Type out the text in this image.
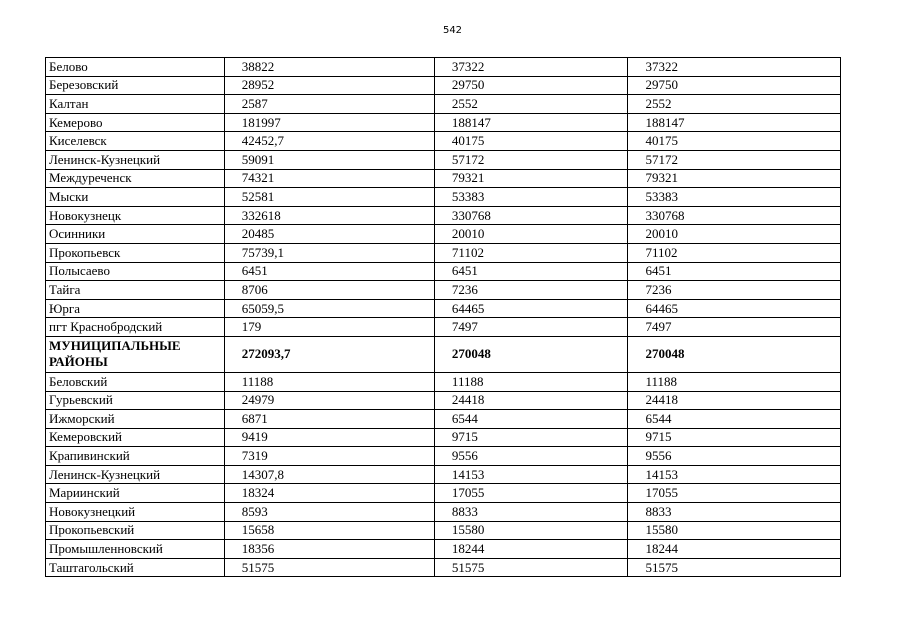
542
Белово	38822	37322	37322
Березовский	28952	29750	29750
Калтан	2587	2552	2552
Кемерово	181997	188147	188147
Киселевск	42452,7	40175	40175
Ленинск-Кузнецкий	59091	57172	57172
Междуреченск	74321	79321	79321
Мыски	52581	53383	53383
Новокузнецк	332618	330768	330768
Осинники	20485	20010	20010
Прокопьевск	75739,1	71102	71102
Полысаево	6451	6451	6451
Тайга	8706	7236	7236
Юрга	65059,5	64465	64465
пгт Краснобродский	179	7497	7497
МУНИЦИПАЛЬНЫЕ РАЙОНЫ	272093,7	270048	270048
Беловский	11188	11188	11188
Гурьевский	24979	24418	24418
Ижморский	6871	6544	6544
Кемеровский	9419	9715	9715
Крапивинский	7319	9556	9556
Ленинск-Кузнецкий	14307,8	14153	14153
Мариинский	18324	17055	17055
Новокузнецкий	8593	8833	8833
Прокопьевский	15658	15580	15580
Промышленновский	18356	18244	18244
Таштагольский	51575	51575	51575
